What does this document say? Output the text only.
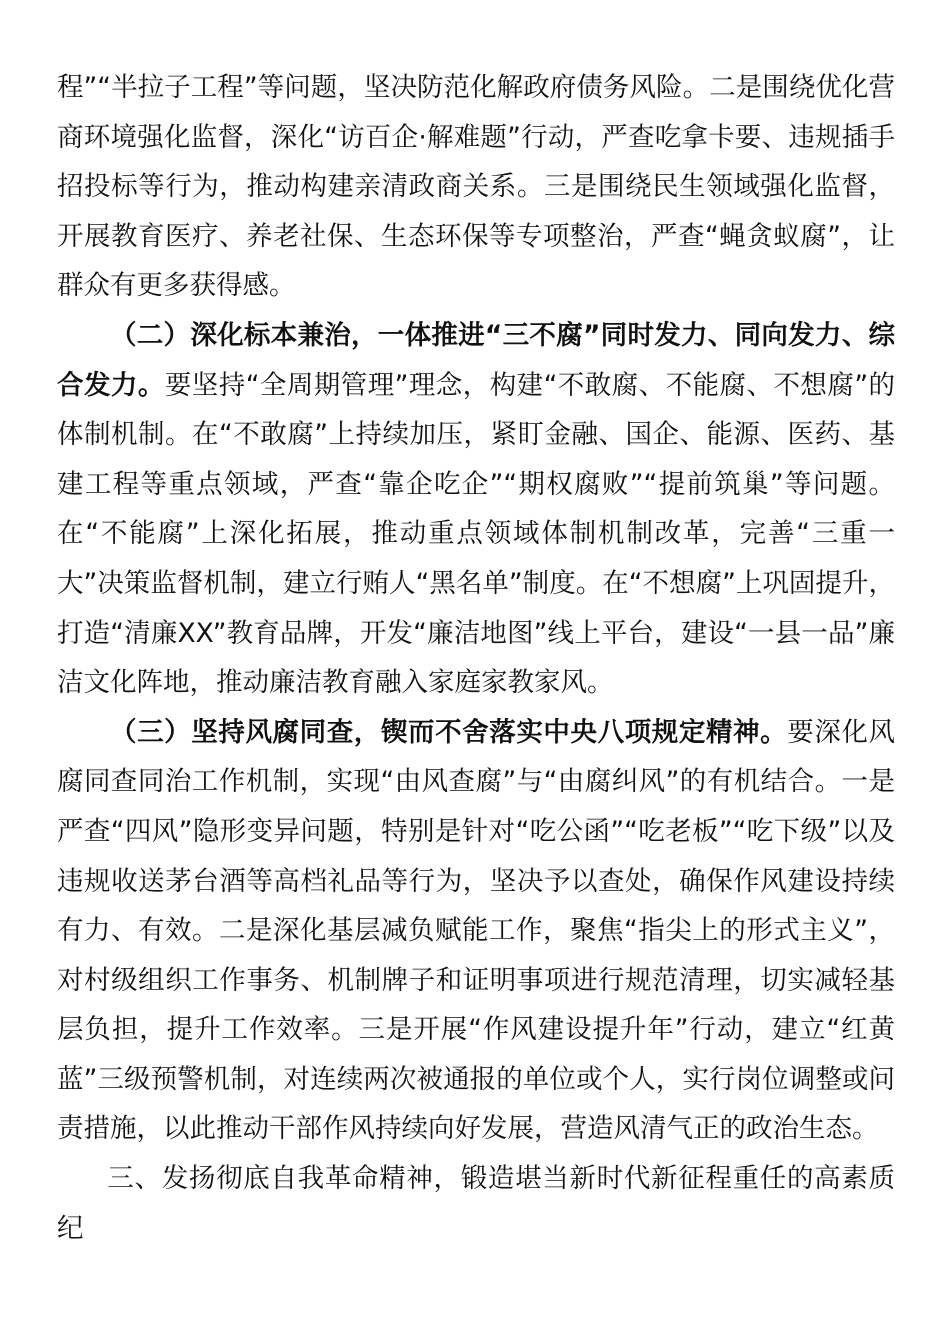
程”“半拉子工程”等问题，坚决防范化解政府债务风险。二是围绕优化营商环境强化监督，深化“访百企·解难题”行动，严查吃拿卡要、违规插手招投标等行为，推动构建亲清政商关系。三是围绕民生领域强化监督，开展教育医疗、养老社保、生态环保等专项整治，严查“蝇贪蚁腐”，让群众有更多获得感。

（二）深化标本兼治，一体推进“三不腐”同时发力、同向发力、综合发力。要坚持“全周期管理”理念，构建“不敢腐、不能腐、不想腐”的体制机制。在“不敢腐”上持续加压，紧盯金融、国企、能源、医药、基建工程等重点领域，严查“靠企吃企”“期权腐败”“提前筑巢”等问题。在“不能腐”上深化拓展，推动重点领域体制机制改革，完善“三重一大”决策监督机制，建立行贿人“黑名单”制度。在“不想腐”上巩固提升，打造“清廉XX”教育品牌，开发“廉洁地图”线上平台，建设“一县一品”廉洁文化阵地，推动廉洁教育融入家庭家教家风。

（三）坚持风腐同查，锲而不舍落实中央八项规定精神。要深化风腐同查同治工作机制，实现“由风查腐”与“由腐纠风”的有机结合。一是严查“四风”隐形变异问题，特别是针对“吃公函”“吃老板”“吃下级”以及违规收送茅台酒等高档礼品等行为，坚决予以查处，确保作风建设持续有力、有效。二是深化基层减负赋能工作，聚焦“指尖上的形式主义”，对村级组织工作事务、机制牌子和证明事项进行规范清理，切实减轻基层负担，提升工作效率。三是开展“作风建设提升年”行动，建立“红黄蓝”三级预警机制，对连续两次被通报的单位或个人，实行岗位调整或问责措施，以此推动干部作风持续向好发展，营造风清气正的政治生态。

三、发扬彻底自我革命精神，锻造堪当新时代新征程重任的高素质纪
